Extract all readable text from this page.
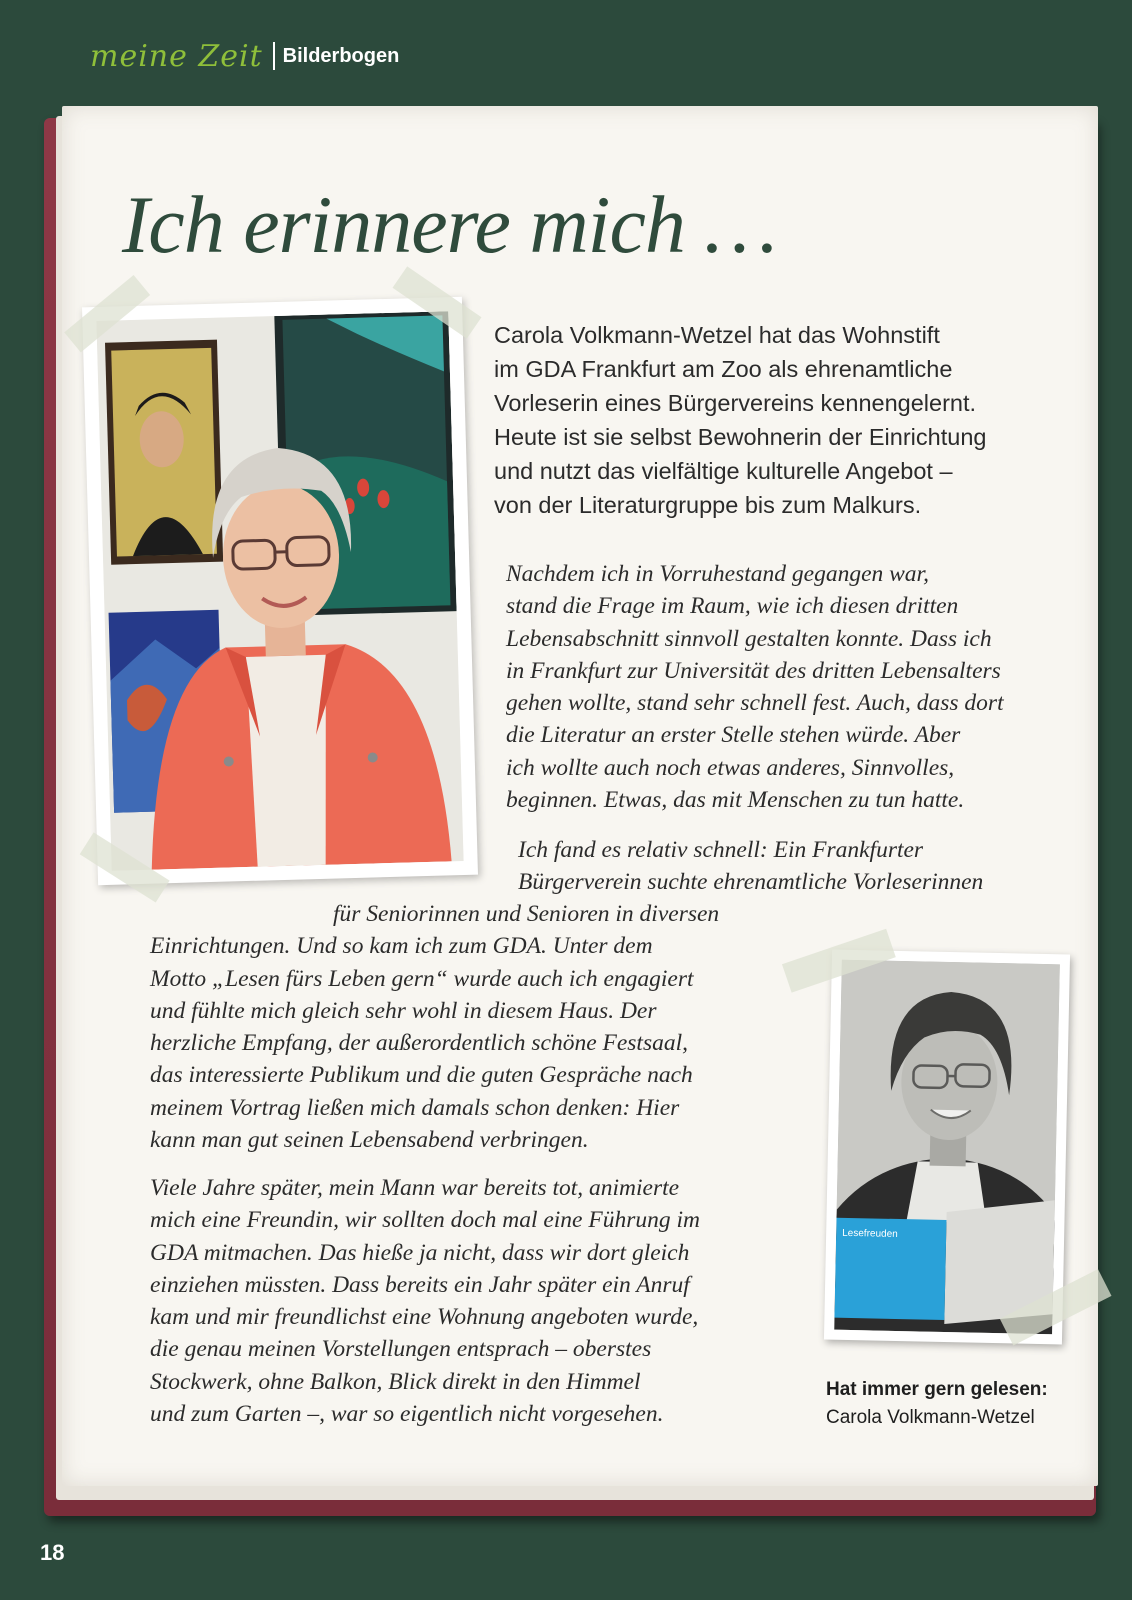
meine Zeit Bilderbogen
Ich erinnere mich …
Carola Volkmann-Wetzel hat das Wohnstift
im GDA Frankfurt am Zoo als ehrenamtliche
Vorleserin eines Bürgervereins kennengelernt.
Heute ist sie selbst Bewohnerin der Einrichtung
und nutzt das vielfältige kulturelle Angebot –
von der Literaturgruppe bis zum Malkurs.
Nachdem ich in Vorruhestand gegangen war,
stand die Frage im Raum, wie ich diesen dritten
Lebensabschnitt sinnvoll gestalten konnte. Dass ich
in Frankfurt zur Universität des dritten Lebensalters
gehen wollte, stand sehr schnell fest. Auch, dass dort
die Literatur an erster Stelle stehen würde. Aber
ich wollte auch noch etwas anderes, Sinnvolles,
beginnen. Etwas, das mit Menschen zu tun hatte.
Ich fand es relativ schnell: Ein Frankfurter
Bürgerverein suchte ehrenamtliche Vorleserinnen
für Seniorinnen und Senioren in diversen
Einrichtungen. Und so kam ich zum GDA. Unter dem
Motto „Lesen fürs Leben gern“ wurde auch ich engagiert
und fühlte mich gleich sehr wohl in diesem Haus. Der
herzliche Empfang, der außerordentlich schöne Festsaal,
das interessierte Publikum und die guten Gespräche nach
meinem Vortrag ließen mich damals schon denken: Hier
kann man gut seinen Lebensabend verbringen.
Viele Jahre später, mein Mann war bereits tot, animierte
mich eine Freundin, wir sollten doch mal eine Führung im
GDA mitmachen. Das hieße ja nicht, dass wir dort gleich
einziehen müssten. Dass bereits ein Jahr später ein Anruf
kam und mir freundlichst eine Wohnung angeboten wurde,
die genau meinen Vorstellungen entsprach – oberstes
Stockwerk, ohne Balkon, Blick direkt in den Himmel
und zum Garten –, war so eigentlich nicht vorgesehen.
Lesefreuden
Hat immer gern gelesen:
Carola Volkmann-Wetzel
18
